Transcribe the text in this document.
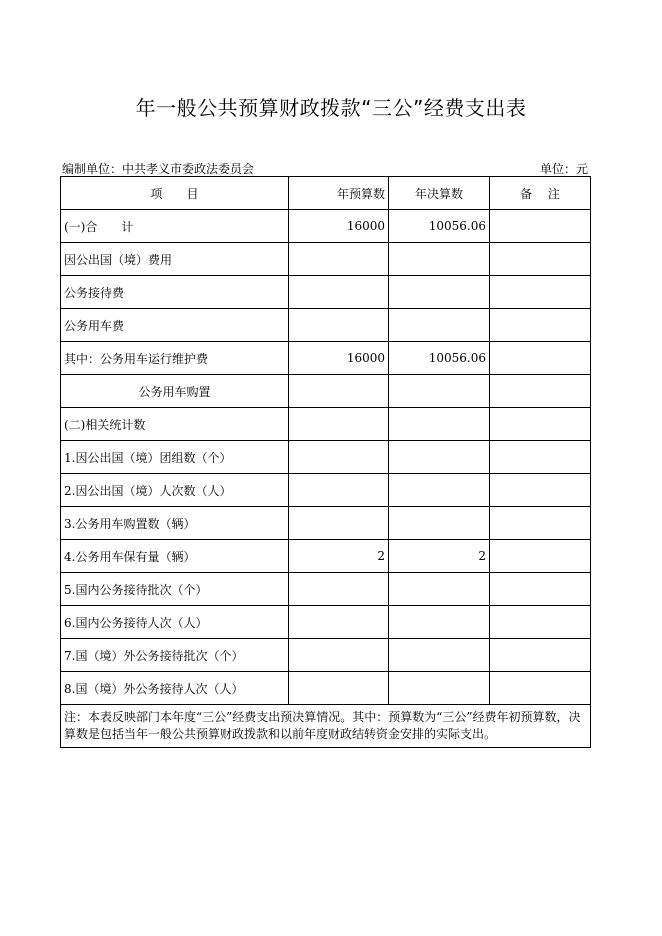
年一般公共预算财政拨款“三公”经费支出表
编制单位：中共孝义市委政法委员会	单位：元
项　　目	年预算数	年决算数	备　 注
(一)合　　计	16000	10056.06	
因公出国（境）费用			
公务接待费			
公务用车费			
其中：公务用车运行维护费	16000	10056.06	
公务用车购置			
(二)相关统计数			
1.因公出国（境）团组数（个）			
2.因公出国（境）人次数（人）			
3.公务用车购置数（辆）			
4.公务用车保有量（辆）	2	2	
5.国内公务接待批次（个）			
6.国内公务接待人次（人）			
7.国（境）外公务接待批次（个）			
8.国（境）外公务接待人次（人）			
注：本表反映部门本年度“三公”经费支出预决算情况。其中：预算数为“三公”经费年初预算数，决算数是包括当年一般公共预算财政拨款和以前年度财政结转资金安排的实际支出。			
